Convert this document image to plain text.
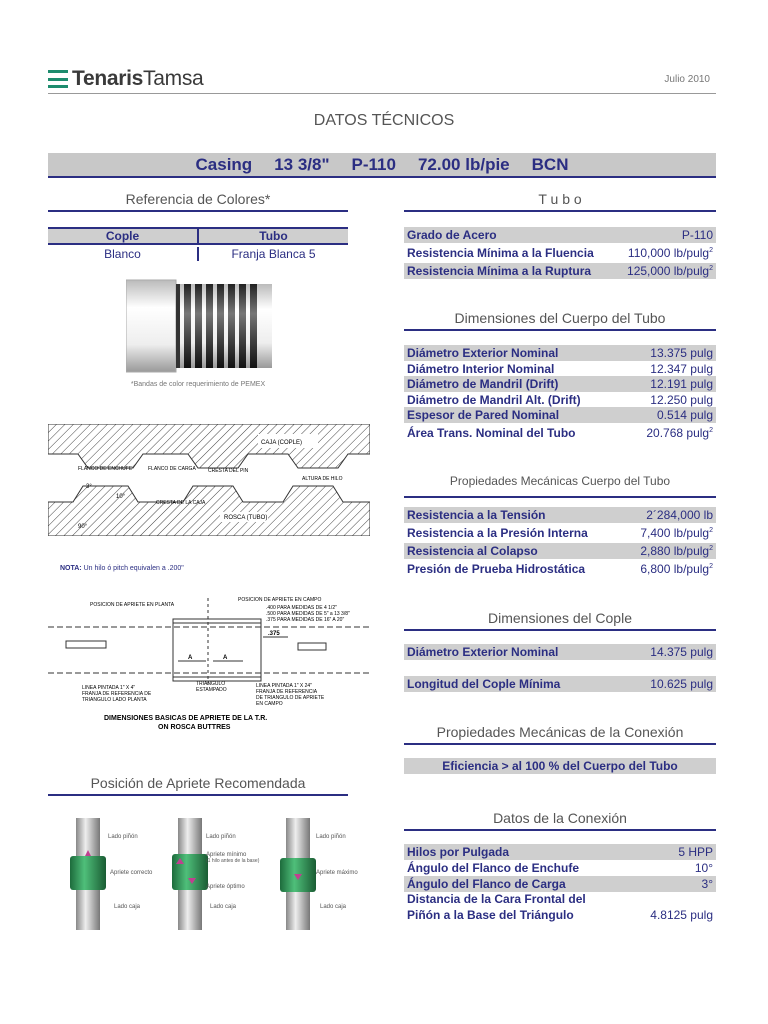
TenarisTamsa	Julio 2010
DATOS TÉCNICOS
Casing 13 3/8" P-110 72.00 lb/pie BCN
Referencia de Colores*
Cople	Tubo
Blanco	Franja Blanca 5
*Bandas de color requerimiento de PEMEX
CAJA (COPLE)
FLANCO DE ENCHUFE	FLANCO DE CARGA
ROSCA (TUBO)
CRESTA DEL PIN
CRESTA DE LA CAJA
ALTURA DE HILO
10°
3°
90°
NOTA: Un hilo ó pitch equivalen a .200"
POSICION DE APRIETE EN PLANTA
POSICION DE APRIETE EN CAMPO
.400 PARA MEDIDAS DE 4 1/2"
.500 PARA MEDIDAS DE 5" a 13 3/8"
.375 PARA MEDIDAS DE 16" A 20"
.375
A	A
LINEA PINTADA 1" X 4"
FRANJA DE REFERENCIA DE
TRIANGULO LADO PLANTA
TRIANGULO
ESTAMPADO
LINEA PINTADA 1" X 24"
FRANJA DE REFERENCIA
DE TRIANGULO DE APRIETE
EN CAMPO
DIMENSIONES BASICAS DE APRIETE DE LA T.R.
ON ROSCA BUTTRES
Posición de Apriete Recomendada
Lado piñón
Apriete correcto
Lado caja
Lado piñón
Apriete mínimo
(1 hilo antes de la base)
Apriete óptimo
Lado caja
Lado piñón
Apriete máximo
Lado caja
T u b o
Grado de Acero	P-110
Resistencia Mínima a la Fluencia	110,000 lb/pulg$^2$
Resistencia Mínima a la Ruptura	125,000 lb/pulg$^2$
Dimensiones del Cuerpo del Tubo
Diámetro Exterior Nominal	13.375 pulg
Diámetro Interior Nominal	12.347 pulg
Diámetro de Mandril (Drift)	12.191 pulg
Diámetro de Mandril Alt. (Drift)	12.250 pulg
Espesor de Pared Nominal	0.514 pulg
Área Trans. Nominal del Tubo	20.768 pulg$^2$
Propiedades Mecánicas Cuerpo del Tubo
Resistencia a la Tensión	2´284,000 lb
Resistencia a la Presión Interna	7,400 lb/pulg$^2$
Resistencia al Colapso	2,880 lb/pulg$^2$
Presión de Prueba Hidrostática	6,800 lb/pulg$^2$
Dimensiones del Cople
Diámetro Exterior Nominal	14.375 pulg
Longitud del Cople Mínima	10.625 pulg
Propiedades Mecánicas de la Conexión
Eficiencia > al 100 % del Cuerpo del Tubo
Datos de la Conexión
Hilos por Pulgada	5 HPP
Ángulo del Flanco de Enchufe	10°
Ángulo del Flanco de Carga	3°
Distancia de la Cara Frontal del
Piñón a la Base del Triángulo	4.8125 pulg
